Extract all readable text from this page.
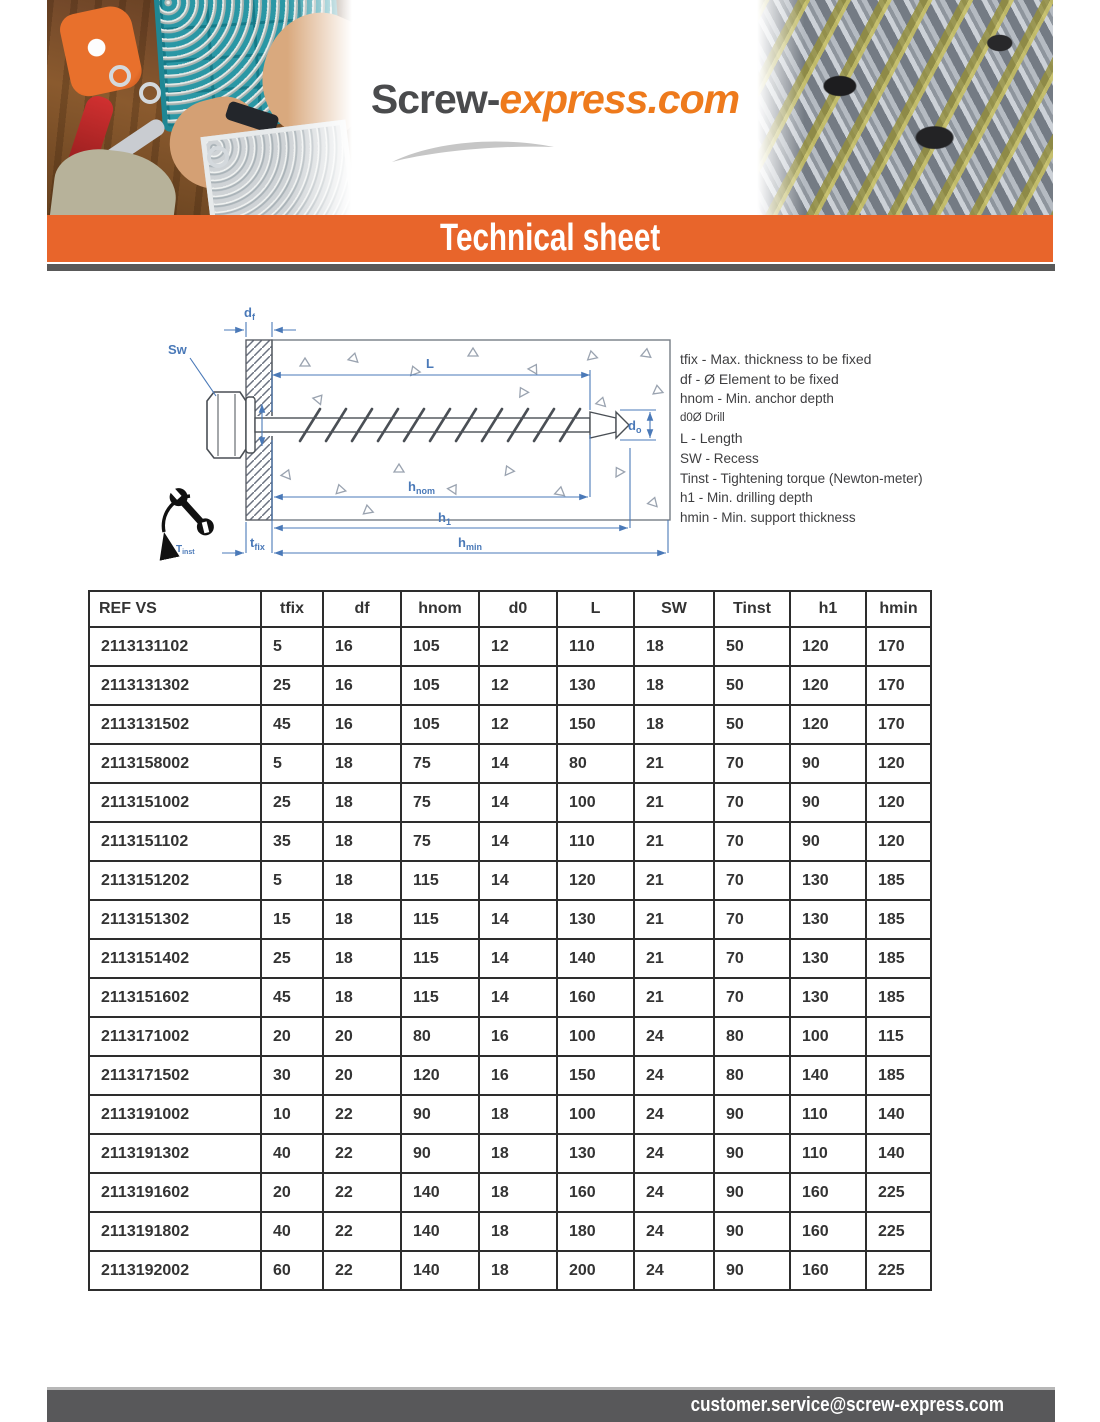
Screw-express.com
Technical sheet
Sw
$d_f$
L
$d_o$
$h_{nom}$
$h_1$
$h_{min}$
$t_{fix}$
$T_{inst}$
tfix - Max. thickness to be fixed
df - Ø Element to be fixed
hnom - Min. anchor depth
d0Ø Drill
L - Length
SW - Recess
Tinst - Tightening torque (Newton-meter)
h1 - Min. drilling depth
hmin - Min. support thickness
REF VS	tfix	df	hnom	d0	L	SW	Tinst	h1	hmin
2113131102	5	16	105	12	110	18	50	120	170
2113131302	25	16	105	12	130	18	50	120	170
2113131502	45	16	105	12	150	18	50	120	170
2113158002	5	18	75	14	80	21	70	90	120
2113151002	25	18	75	14	100	21	70	90	120
2113151102	35	18	75	14	110	21	70	90	120
2113151202	5	18	115	14	120	21	70	130	185
2113151302	15	18	115	14	130	21	70	130	185
2113151402	25	18	115	14	140	21	70	130	185
2113151602	45	18	115	14	160	21	70	130	185
2113171002	20	20	80	16	100	24	80	100	115
2113171502	30	20	120	16	150	24	80	140	185
2113191002	10	22	90	18	100	24	90	110	140
2113191302	40	22	90	18	130	24	90	110	140
2113191602	20	22	140	18	160	24	90	160	225
2113191802	40	22	140	18	180	24	90	160	225
2113192002	60	22	140	18	200	24	90	160	225
customer.service@screw-express.com
